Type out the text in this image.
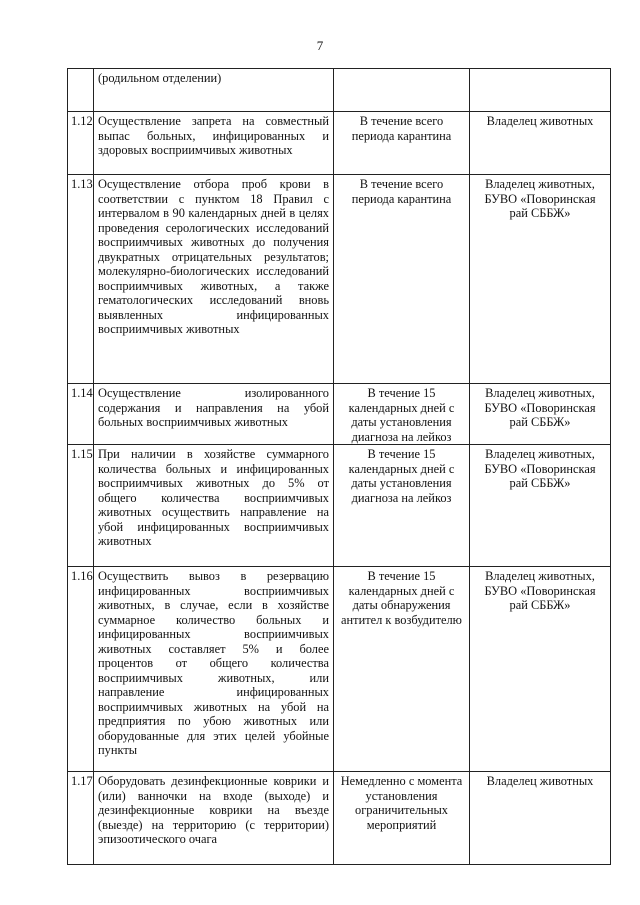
7
	(родильном отделении)		
1.12	Осуществление запрета на совместный выпас больных, инфицированных и здоровых восприимчивых животных	В течение всего периода карантина	Владелец животных
1.13	Осуществление отбора проб крови в соответствии с пунктом 18 Правил с интервалом в 90 календарных дней в целях проведения серологических исследований восприимчивых животных до получения двукратных отрицательных результатов; молекулярно-биологических исследований восприимчивых животных, а также гематологических исследований вновь выявленных инфицированных восприимчивых животных	В течение всего периода карантина	Владелец животных, БУВО «Поворинская рай СББЖ»
1.14	Осуществление изолированного содержания и направления на убой больных восприимчивых животных	В течение 15 календарных дней с даты установления диагноза на лейкоз	Владелец животных, БУВО «Поворинская рай СББЖ»
1.15	При наличии в хозяйстве суммарного количества больных и инфицированных восприимчивых животных до 5% от общего количества восприимчивых животных осуществить направление на убой инфицированных восприимчивых животных	В течение 15 календарных дней с даты установления диагноза на лейкоз	Владелец животных, БУВО «Поворинская рай СББЖ»
1.16	Осуществить вывоз в резервацию инфицированных восприимчивых животных, в случае, если в хозяйстве суммарное количество больных и инфицированных восприимчивых животных составляет 5% и более процентов от общего количества восприимчивых животных, или направление инфицированных восприимчивых животных на убой на предприятия по убою животных или оборудованные для этих целей убойные пункты	В течение 15 календарных дней с даты обнаружения антител к возбудителю	Владелец животных, БУВО «Поворинская рай СББЖ»
1.17	Оборудовать дезинфекционные коврики и (или) ванночки на входе (выходе) и дезинфекционные коврики на въезде (выезде) на территорию (с территории) эпизоотического очага	Немедленно с момента установления ограничительных мероприятий	Владелец животных
